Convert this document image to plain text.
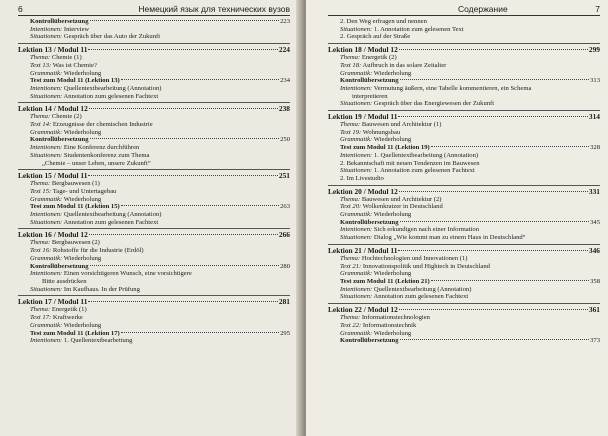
6	Немецкий язык для технических вузов
Kontrollübersetzung	223
Intentionen: Interview
Situationen: Gespräch über das Auto der Zukunft
Lektion 13 / Modul 11	224
Thema: Chemie (1)
Text 13: Was ist Chemie?
Grammatik: Wiederholung
Test zum Modul 11 (Lektion 13)	234
Intentionen: Quellentextbearbeitung (Annotation)
Situationen: Annotation zum gelesenen Fachtext
Lektion 14 / Modul 12	238
Thema: Chemie (2)
Text 14: Erzeugnisse der chemischen Industrie
Grammatik: Wiederholung
Kontrollübersetzung	250
Intentionen: Eine Konferenz durchführen
Situationen: Studentenkonferenz zum Thema
„Chemie – unser Leben, unsere Zukunft“
Lektion 15 / Modul 11	251
Thema: Bergbauwesen (1)
Text 15: Tage- und Untertagebau
Grammatik: Wiederholung
Test zum Modul 11 (Lektion 15)	263
Intentionen: Quellentextbearbeitung (Annotation)
Situationen: Annotation zum gelesenen Fachtext
Lektion 16 / Modul 12	266
Thema: Bergbauwesen (2)
Text 16: Rohstoffe für die Industrie (Erdöl)
Grammatik: Wiederholung
Kontrollübersetzung	280
Intentionen: Einen vorsichtigeren Wunsch, eine vorsichtigere
Bitte ausdrücken
Situationen: Im Kaufhaus. In der Prüfung
Lektion 17 / Modul 11	281
Thema: Energetik (1)
Text 17: Kraftwerke
Grammatik: Wiederholung
Test zum Modul 11 (Lektion 17)	295
Intentionen: 1. Quellentextbearbeitung
Содержание	7
2. Den Weg erfragen und nennen
Situationen: 1. Annotation zum gelesenen Text
2. Gespräch auf der Straße
Lektion 18 / Modul 12	299
Thema: Energetik (2)
Text 18: Aufbruch in das solare Zeitalter
Grammatik: Wiederholung
Kontrollübersetzung	313
Intentionen: Vermutung äußern, eine Tabelle kommentieren, ein Schema
interpretieren
Situationen: Gespräch über das Energiewesen der Zukunft
Lektion 19 / Modul 11	314
Thema: Bauwesen und Architektur (1)
Text 19: Wohnungsbau
Grammatik: Wiederholung
Test zum Modul 11 (Lektion 19)	328
Intentionen: 1. Quellentextbearbeitung (Annotation)
2. Bekanntschaft mit neuen Tendenzen im Bauwesen
Situationen: 1. Annotation zum gelesenen Fachtext
2. Im Livestudio
Lektion 20 / Modul 12	331
Thema: Bauwesen und Architektur (2)
Text 20: Wolkenkratzer in Deutschland
Grammatik: Wiederholung
Kontrollübersetzung	345
Intentionen: Sich erkundigen nach einer Information
Situationen: Dialog „Wie kommt man zu einem Haus in Deutschland“
Lektion 21 / Modul 11	346
Thema: Hochtechnologien und Innovationen (1)
Text 21: Innovationspolitik und Hightech in Deutschland
Grammatik: Wiederholung
Test zum Modul 11 (Lektion 21)	358
Intentionen: Quellentextbearbeitung (Annotation)
Situationen: Annotation zum gelesenen Fachtext
Lektion 22 / Modul 12	361
Thema: Informationstechnologien
Text 22: Informationstechnik
Grammatik: Wiederholung
Kontrollübersetzung	373
